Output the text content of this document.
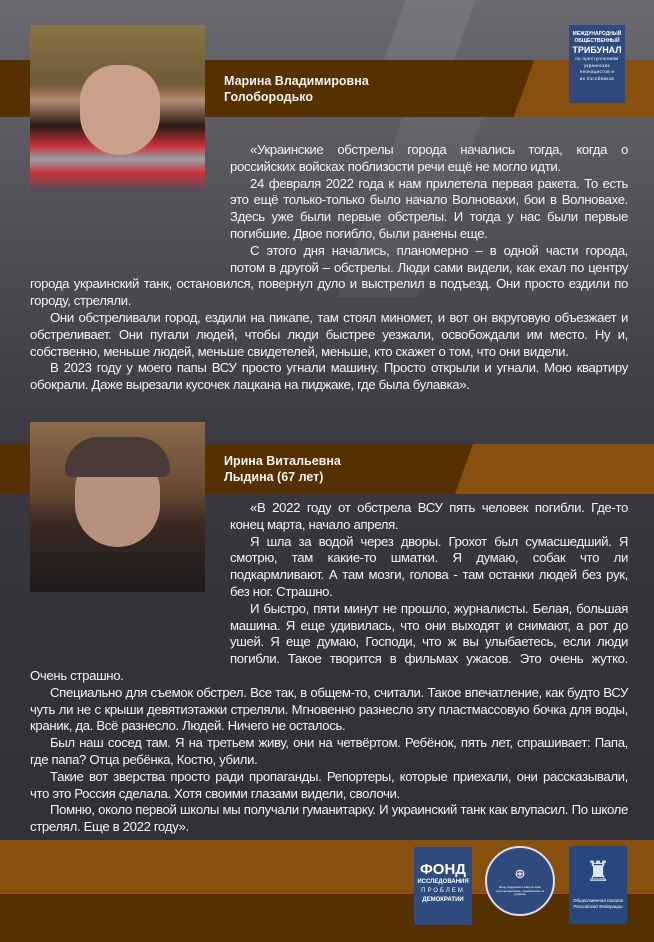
МЕЖДУНАРОДНЫЙ
ОБЩЕСТВЕННЫЙ
ТРИБУНАЛ
по преступлениям
украинских
неонацистов и
их пособников
Марина Владимировна
Голобородько

«Украинские обстрелы города начались тогда, когда о российских войсках поблизости речи ещё не могло идти.

24 февраля 2022 года к нам прилетела первая ракета. То есть это ещё только-только было начало Волновахи, бои в Волновахе. Здесь уже были первые обстрелы. И тогда у нас были первые погибшие. Двое погибло, были ранены еще.

С этого дня начались, планомерно – в одной части города, потом в другой – обстрелы. Люди сами видели, как ехал по центру города украинский танк, остановился, повернул дуло и выстрелил в подъезд. Они просто ездили по городу, стреляли.

Они обстреливали город, ездили на пикапе, там стоял миномет, и вот он вкруговую объезжает и обстреливает. Они пугали людей, чтобы люди быстрее уезжали, освобождали им место. Ну и, собственно, меньше людей, меньше свидетелей, меньше, кто скажет о том, что они видели.

В 2023 году у моего папы ВСУ просто угнали машину. Просто открыли и угнали. Мою квартиру обокрали. Даже вырезали кусочек лацкана на пиджаке, где была булавка».

Ирина Витальевна
Лыдина (67 лет)

«В 2022 году от обстрела ВСУ пять человек погибли. Где-то конец марта, начало апреля.

Я шла за водой через дворы. Грохот был сумасшедший. Я смотрю, там какие-то шматки. Я думаю, собак что ли подкармливают. А там мозги, голова - там останки людей без рук, без ног. Страшно.

И быстро, пяти минут не прошло, журналисты. Белая, большая машина. Я еще удивилась, что они выходят и снимают, а рот до ушей. Я еще думаю, Господи, что ж вы улыбаетесь, если люди погибли. Такое творится в фильмах ужасов. Это очень жутко. Очень страшно.

Специально для съемок обстрел. Все так, в общем-то, считали. Такое впечатление, как будто ВСУ чуть ли не с крыши девятиэтажки стреляли. Мгновенно разнесло эту пластмассовую бочка для воды, краник, да. Всё разнесло. Людей. Ничего не осталось.

Был наш сосед там. Я на третьем живу, они на четвёртом. Ребёнок, пять лет, спрашивает: Папа, где папа? Отца ребёнка, Костю, убили.

Такие вот зверства просто ради пропаганды. Репортеры, которые приехали, они рассказывали, что это Россия сделала. Хотя своими глазами видели, сволочи.

Помню, около первой школы мы получали гуманитарку. И украинский танк как влупасил. По школе стрелял. Еще в 2022 году».

ФОНД
ИССЛЕДОВАНИЯ
ПРОБЛЕМ
ДЕМОКРАТИИ
⊕
Фонд поддержки и защиты прав соотечественников, проживающих за рубежом
♜
Общественная палата
Российской Федерации
